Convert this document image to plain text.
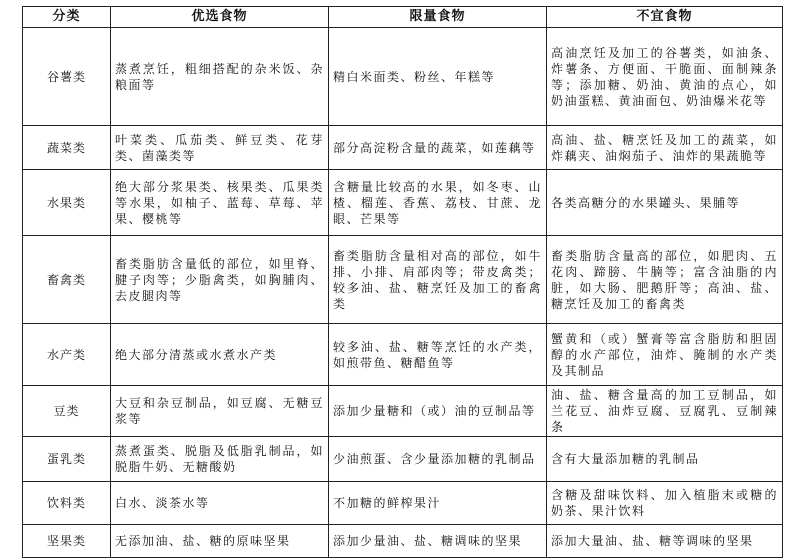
分类	优选食物	限量食物	不宜食物
谷薯类	蒸煮烹饪，粗细搭配的杂米饭、杂粮面等	精白米面类、粉丝、年糕等	高油烹饪及加工的谷薯类，如油条、炸薯条、方便面、干脆面、面制辣条等；添加糖、奶油、黄油的点心，如奶油蛋糕、黄油面包、奶油爆米花等
蔬菜类	叶菜类、瓜茄类、鲜豆类、花芽类、菌藻类等	部分高淀粉含量的蔬菜，如莲藕等	高油、盐、糖烹饪及加工的蔬菜，如炸藕夹、油焖茄子、油炸的果蔬脆等
水果类	绝大部分浆果类、核果类、瓜果类等水果，如柚子、蓝莓、草莓、苹果、樱桃等	含糖量比较高的水果，如冬枣、山楂、榴莲、香蕉、荔枝、甘蔗、龙眼、芒果等	各类高糖分的水果罐头、果脯等
畜禽类	畜类脂肪含量低的部位，如里脊、腱子肉等；少脂禽类，如胸脯肉、去皮腿肉等	畜类脂肪含量相对高的部位，如牛排、小排、肩部肉等；带皮禽类；较多油、盐、糖烹饪及加工的畜禽类	畜类脂肪含量高的部位，如肥肉、五花肉、蹄膀、牛腩等；富含油脂的内脏，如大肠、肥鹅肝等；高油、盐、糖烹饪及加工的畜禽类
水产类	绝大部分清蒸或水煮水产类	较多油、盐、糖等烹饪的水产类，如煎带鱼、糖醋鱼等	蟹黄和（或）蟹膏等富含脂肪和胆固醇的水产部位，油炸、腌制的水产类及其制品
豆类	大豆和杂豆制品，如豆腐、无糖豆浆等	添加少量糖和（或）油的豆制品等	油、盐、糖含量高的加工豆制品，如兰花豆、油炸豆腐、豆腐乳、豆制辣条
蛋乳类	蒸煮蛋类、脱脂及低脂乳制品，如脱脂牛奶、无糖酸奶	少油煎蛋、含少量添加糖的乳制品	含有大量添加糖的乳制品
饮料类	白水、淡茶水等	不加糖的鲜榨果汁	含糖及甜味饮料、加入植脂末或糖的奶茶、果汁饮料
坚果类	无添加油、盐、糖的原味坚果	添加少量油、盐、糖调味的坚果	添加大量油、盐、糖等调味的坚果
